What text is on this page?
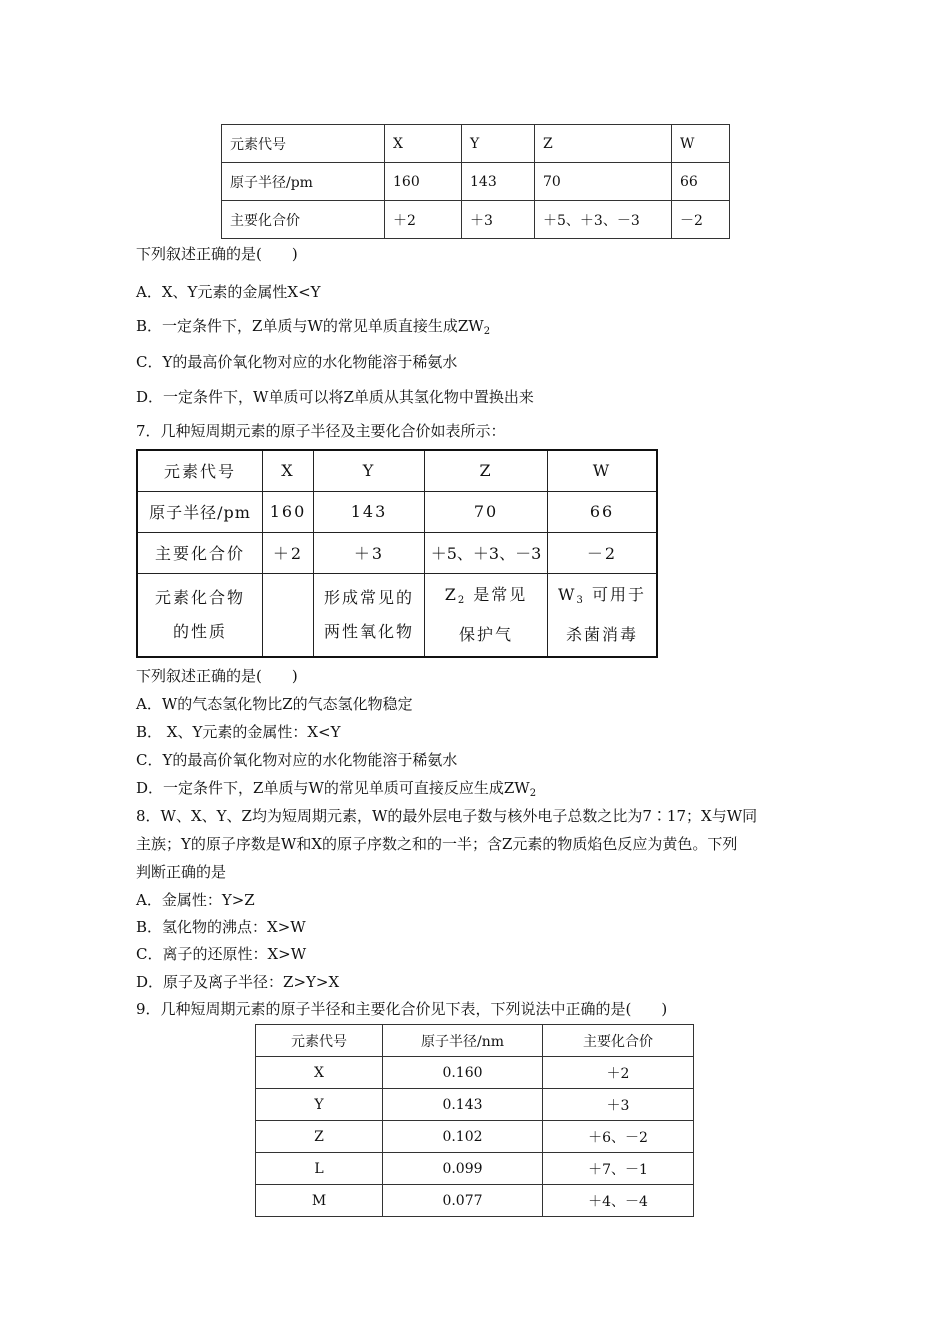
元素代号	X	Y	Z	W
原子半径/pm	160	143	70	66
主要化合价	＋2	＋3	＋5、＋3、－3	－2
下列叙述正确的是(　　)
A．X、Y元素的金属性X<Y
B．一定条件下，Z单质与W的常见单质直接生成$ZW_2$
C．Y的最高价氧化物对应的水化物能溶于稀氨水
D．一定条件下，W单质可以将Z单质从其氢化物中置换出来
7．几种短周期元素的原子半径及主要化合价如表所示：
元素代号	X	Y	Z	W
原子半径/pm	160	143	70	66
主要化合价	＋2	＋3	＋5、＋3、－3	－2
元素化合物的性质		形成常见的两性氧化物	$Z_2$ 是常见保护气	$W_3$ 可用于杀菌消毒
下列叙述正确的是(　　)
A．W的气态氢化物比Z的气态氢化物稳定
B． X、Y元素的金属性：X<Y
C．Y的最高价氧化物对应的水化物能溶于稀氨水
D．一定条件下，Z单质与W的常见单质可直接反应生成$ZW_2$
8．W、X、Y、Z均为短周期元素，W的最外层电子数与核外电子总数之比为7∶17；X与W同
主族；Y的原子序数是W和X的原子序数之和的一半；含Z元素的物质焰色反应为黄色。下列
判断正确的是
A．金属性：Y>Z
B．氢化物的沸点：X>W
C．离子的还原性：X>W
D．原子及离子半径：Z>Y>X
9．几种短周期元素的原子半径和主要化合价见下表，下列说法中正确的是(　　)
元素代号	原子半径/nm	主要化合价
X	0.160	＋2
Y	0.143	＋3
Z	0.102	＋6、－2
L	0.099	＋7、－1
M	0.077	＋4、－4
